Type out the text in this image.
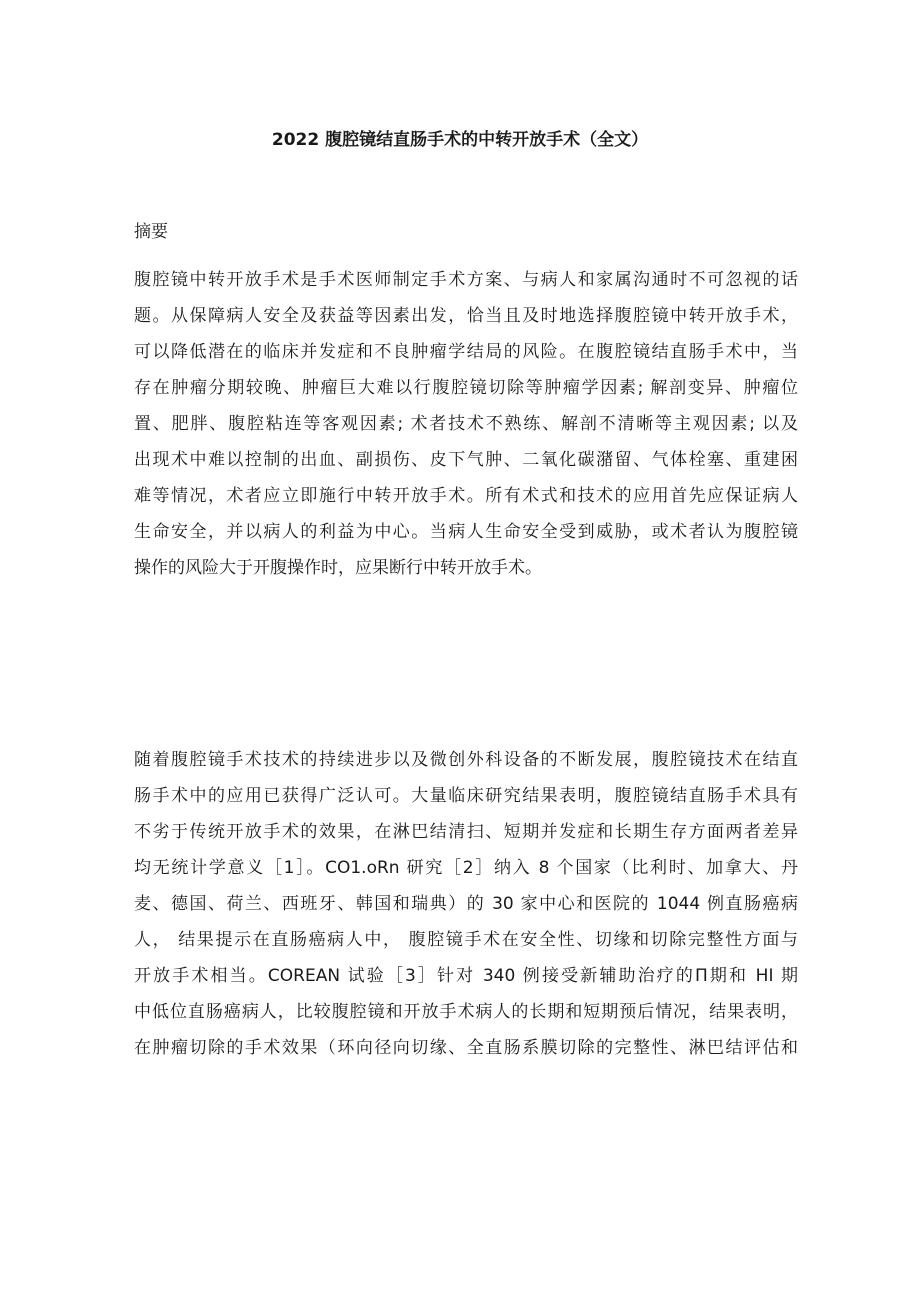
2022 腹腔镜结直肠手术的中转开放手术（全文）
摘要

腹腔镜中转开放手术是手术医师制定手术方案、与病人和家属沟通时不可忽视的话
题。从保障病人安全及获益等因素出发，恰当且及时地选择腹腔镜中转开放手术，
可以降低潜在的临床并发症和不良肿瘤学结局的风险。在腹腔镜结直肠手术中，当
存在肿瘤分期较晚、肿瘤巨大难以行腹腔镜切除等肿瘤学因素; 解剖变异、肿瘤位
置、肥胖、腹腔粘连等客观因素; 术者技术不熟练、解剖不清晰等主观因素; 以及
出现术中难以控制的出血、副损伤、皮下气肿、二氧化碳潴留、气体栓塞、重建困
难等情况，术者应立即施行中转开放手术。所有术式和技术的应用首先应保证病人
生命安全，并以病人的利益为中心。当病人生命安全受到威胁，或术者认为腹腔镜
操作的风险大于开腹操作时，应果断行中转开放手术。

随着腹腔镜手术技术的持续进步以及微创外科设备的不断发展，腹腔镜技术在结直
肠手术中的应用已获得广泛认可。大量临床研究结果表明，腹腔镜结直肠手术具有
不劣于传统开放手术的效果，在淋巴结清扫、短期并发症和长期生存方面两者差异
均无统计学意义［1］。CO1.oRn 研究［2］纳入 8 个国家（比利时、加拿大、丹
麦、德国、荷兰、西班牙、韩国和瑞典）的 30 家中心和医院的 1044 例直肠癌病
人， 结果提示在直肠癌病人中， 腹腔镜手术在安全性、切缘和切除完整性方面与
开放手术相当。COREAN 试验［3］针对 340 例接受新辅助治疗的П期和 HI 期
中低位直肠癌病人，比较腹腔镜和开放手术病人的长期和短期预后情况，结果表明，
在肿瘤切除的手术效果（环向径向切缘、全直肠系膜切除的完整性、淋巴结评估和
